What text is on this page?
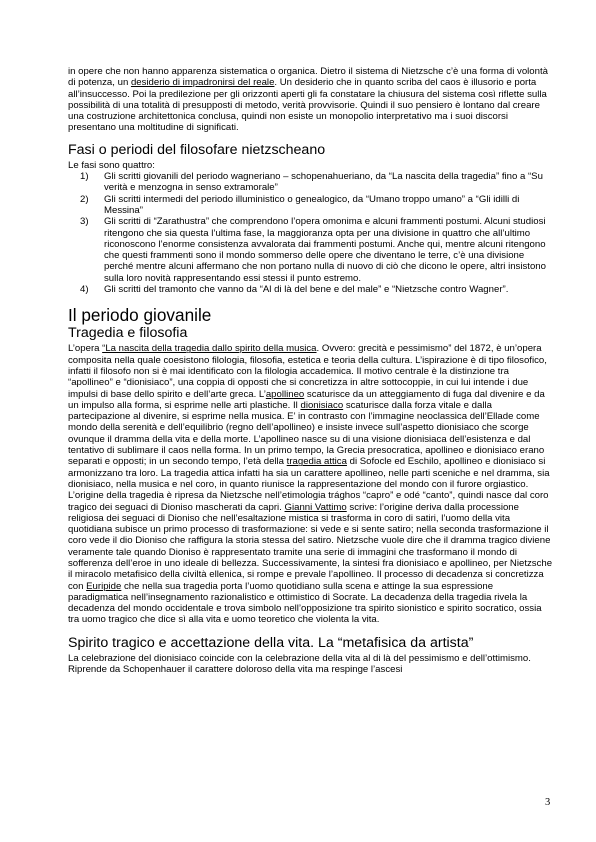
in opere che non hanno apparenza sistematica o organica. Dietro il sistema di Nietzsche c’è una forma di volontà di potenza, un desiderio di impadronirsi del reale. Un desiderio che in quanto scriba del caos è illusorio e porta all’insuccesso. Poi la predilezione per gli orizzonti aperti gli fa constatare la chiusura del sistema così riflette sulla possibilità di una totalità di presupposti di metodo, verità provvisorie. Quindi il suo pensiero è lontano dal creare una costruzione architettonica conclusa, quindi non esiste un monopolio interpretativo ma i suoi discorsi presentano una moltitudine di significati.

Fasi o periodi del filosofare nietzscheano

Le fasi sono quattro:

1) Gli scritti giovanili del periodo wagneriano – schopenahueriano, da “La nascita della tragedia” fino a “Su verità e menzogna in senso extramorale”
2) Gli scritti intermedi del periodo illuministico o genealogico, da “Umano troppo umano” a “Gli idilli di Messina”
3) Gli scritti di “Zarathustra” che comprendono l’opera omonima e alcuni frammenti postumi. Alcuni studiosi ritengono che sia questa l’ultima fase, la maggioranza opta per una divisione in quattro che all’ultimo riconoscono l’enorme consistenza avvalorata dai frammenti postumi. Anche qui, mentre alcuni ritengono che questi frammenti sono il mondo sommerso delle opere che diventano le terre, c’è una divisione perché mentre alcuni affermano che non portano nulla di nuovo di ciò che dicono le opere, altri insistono sulla loro novità rappresentando essi stessi il punto estremo.
4) Gli scritti del tramonto che vanno da “Al di là del bene e del male” e “Nietzsche contro Wagner”.
Il periodo giovanile
Tragedia e filosofia

L’opera “La nascita della tragedia dallo spirito della musica. Ovvero: grecità e pessimismo” del 1872, è un’opera composita nella quale coesistono filologia, filosofia, estetica e teoria della cultura. L’ispirazione è di tipo filosofico, infatti il filosofo non si è mai identificato con la filologia accademica. Il motivo centrale è la distinzione tra “apollineo” e “dionisiaco”, una coppia di opposti che si concretizza in altre sottocoppie, in cui lui intende i due impulsi di base dello spirito e dell’arte greca. L’apollineo scaturisce da un atteggiamento di fuga dal divenire e da un impulso alla forma, si esprime nelle arti plastiche. Il dionisiaco scaturisce dalla forza vitale e dalla partecipazione al divenire, si esprime nella musica. E’ in contrasto con l’immagine neoclassica dell’Ellade come mondo della serenità e dell’equilibrio (regno dell’apollineo) e insiste invece sull’aspetto dionisiaco che scorge ovunque il dramma della vita e della morte. L’apollineo nasce su di una visione dionisiaca dell’esistenza e dal tentativo di sublimare il caos nella forma. In un primo tempo, la Grecia presocratica, apollineo e dionisiaco erano separati e opposti; in un secondo tempo, l’età della tragedia attica di Sofocle ed Eschilo, apollineo e dionisiaco si armonizzano tra loro. La tragedia attica infatti ha sia un carattere apollineo, nelle parti sceniche e nel dramma, sia dionisiaco, nella musica e nel coro, in quanto riunisce la rappresentazione del mondo con il furore orgiastico. L’origine della tragedia è ripresa da Nietzsche nell’etimologia trághos “capro” e odé “canto”, quindi nasce dal coro tragico dei seguaci di Dioniso mascherati da capri. Gianni Vattimo scrive: l’origine deriva dalla processione religiosa dei seguaci di Dioniso che nell’esaltazione mistica si trasforma in coro di satiri, l’uomo della vita quotidiana subisce un primo processo di trasformazione: si vede e si sente satiro; nella seconda trasformazione il coro vede il dio Dioniso che raffigura la storia stessa del satiro. Nietzsche vuole dire che il dramma tragico diviene veramente tale quando Dioniso è rappresentato tramite una serie di immagini che trasformano il mondo di sofferenza dell’eroe in uno ideale di bellezza. Successivamente, la sintesi fra dionisiaco e apollineo, per Nietzsche il miracolo metafisico della civiltà ellenica, si rompe e prevale l’apollineo. Il processo di decadenza si concretizza con Euripide che nella sua tragedia porta l’uomo quotidiano sulla scena e attinge la sua espressione paradigmatica nell’insegnamento razionalistico e ottimistico di Socrate. La decadenza della tragedia rivela la decadenza del mondo occidentale e trova simbolo nell’opposizione tra spirito sionistico e spirito socratico, ossia tra uomo tragico che dice sì alla vita e uomo teoretico che violenta la vita.

Spirito tragico e accettazione della vita. La “metafisica da artista”

La celebrazione del dionisiaco coincide con la celebrazione della vita al di là del pessimismo e dell’ottimismo. Riprende da Schopenhauer il carattere doloroso della vita ma respinge l’ascesi

3
